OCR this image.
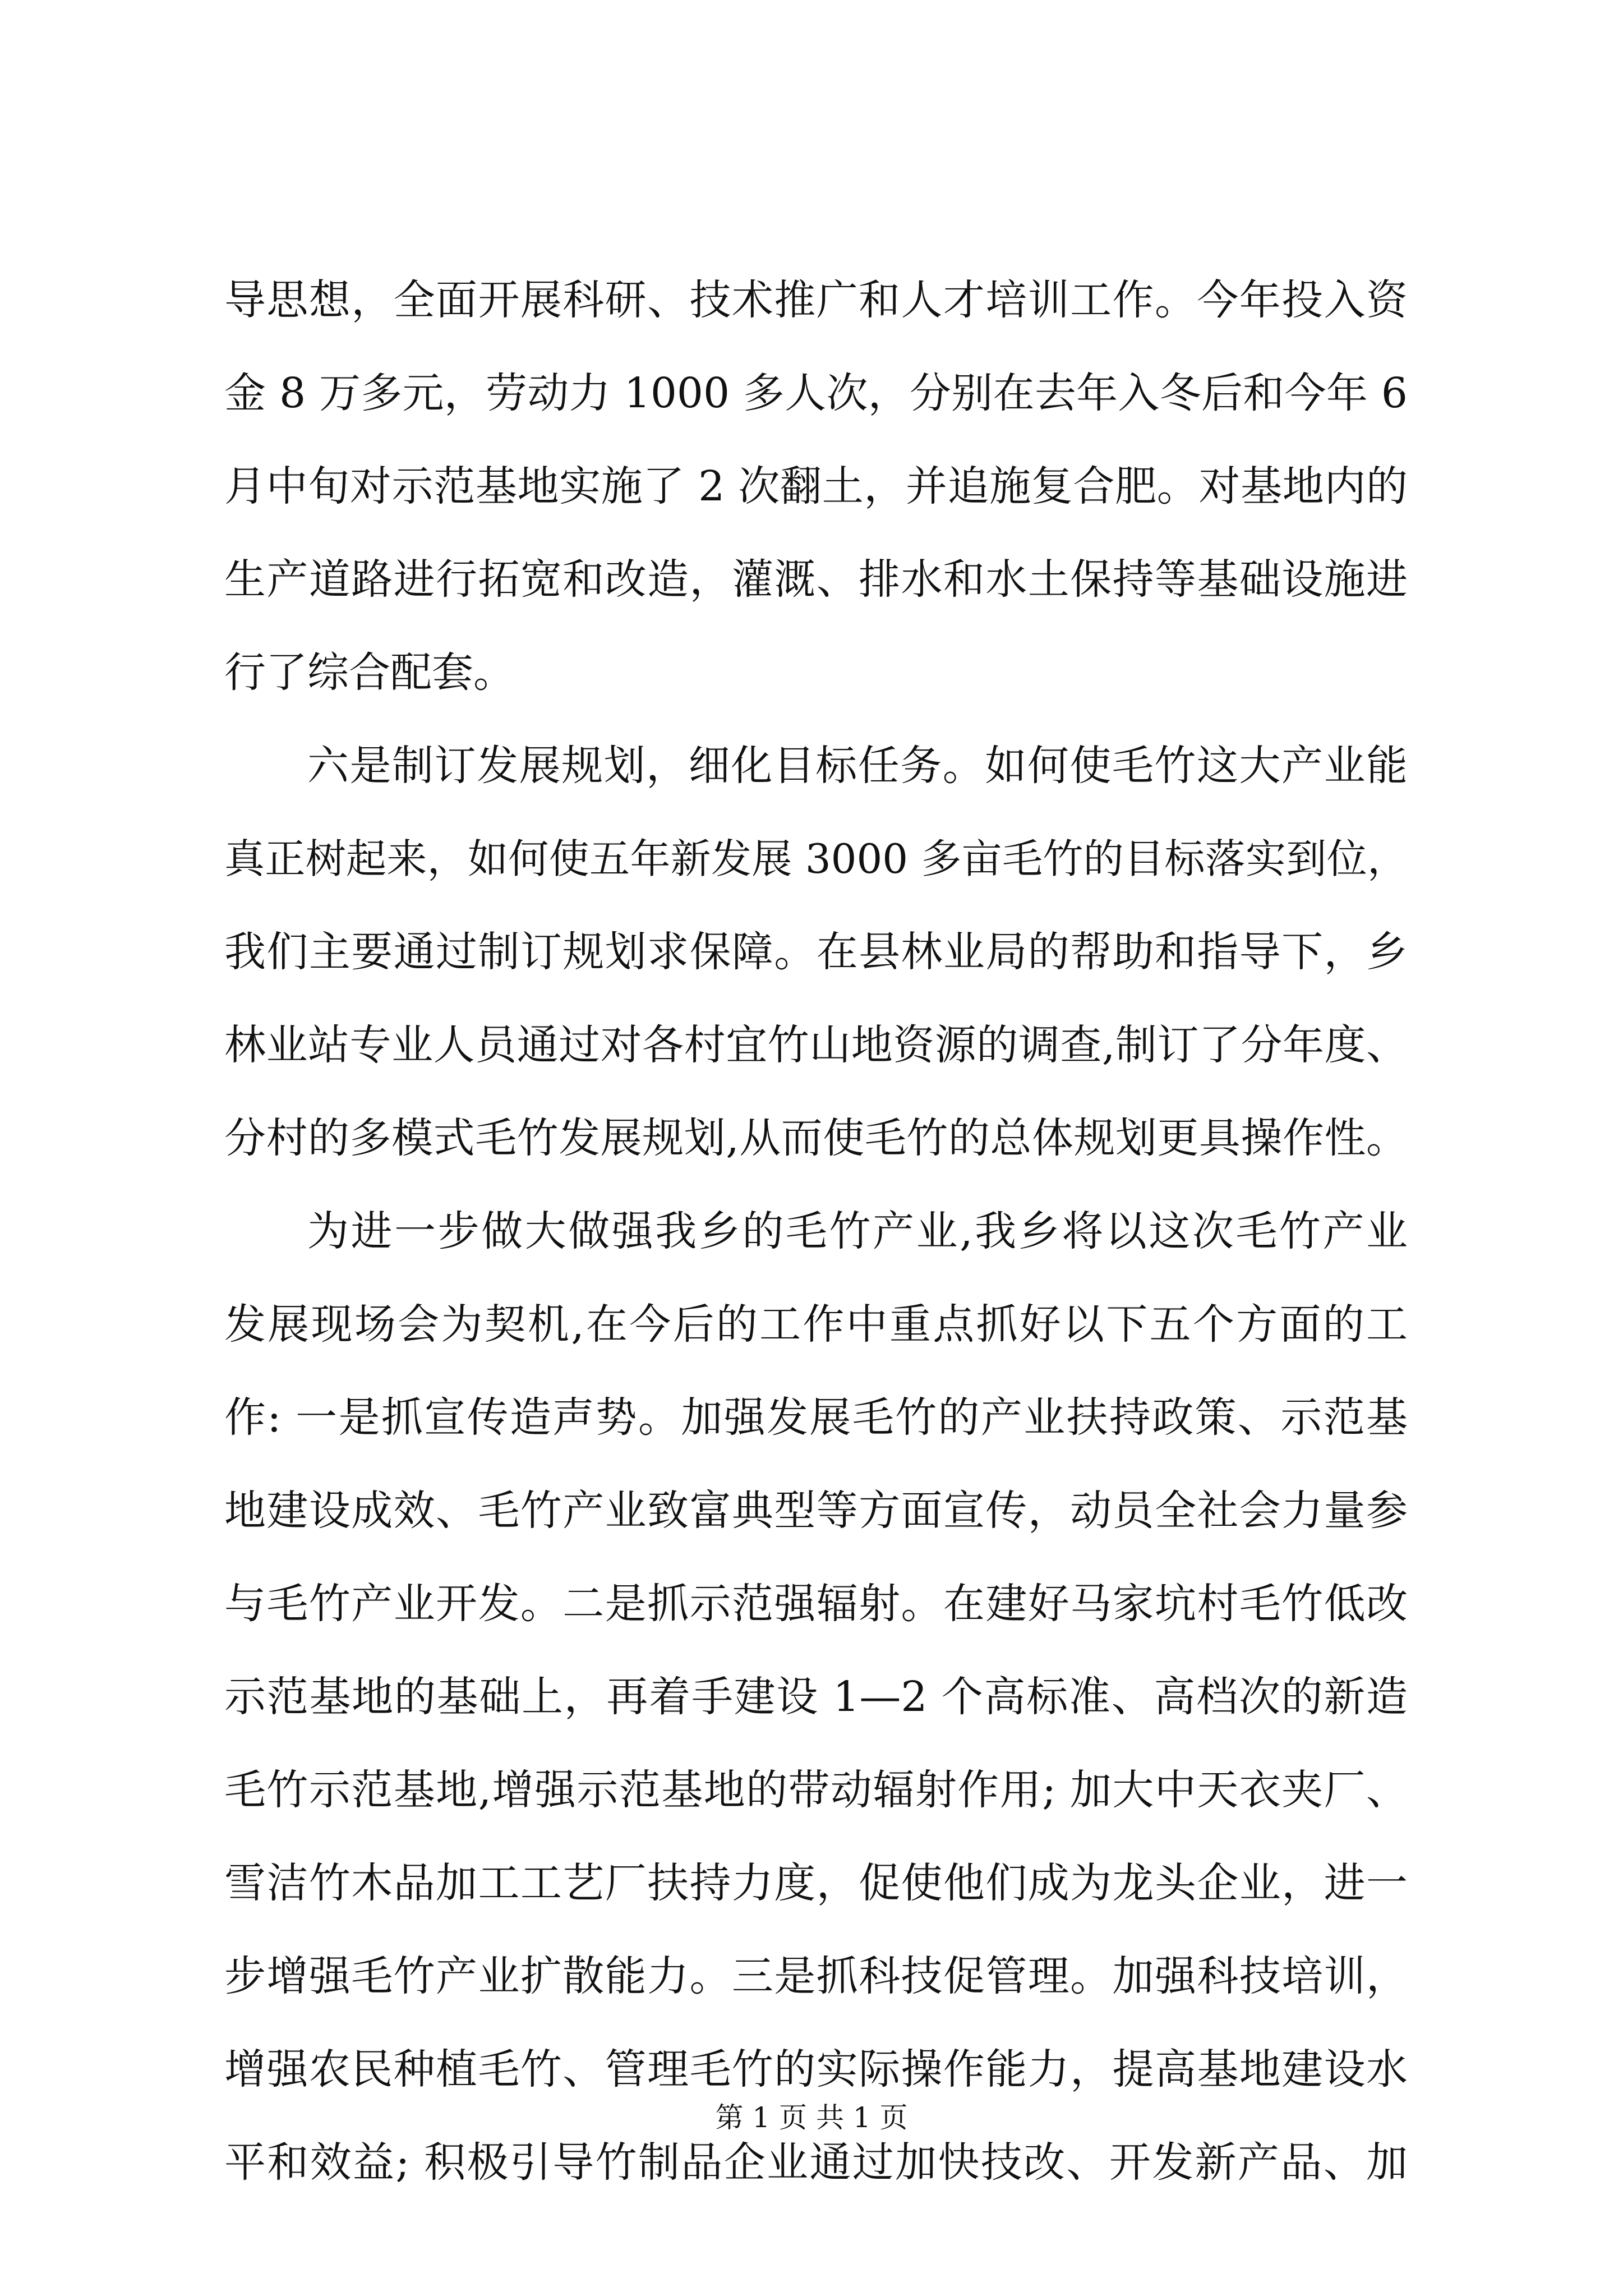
导思想，全面开展科研、技术推广和人才培训工作。今年投入资
金 8 万多元，劳动力 1000 多人次，分别在去年入冬后和今年 6
月中旬对示范基地实施了 2 次翻土，并追施复合肥。对基地内的
生产道路进行拓宽和改造，灌溉、排水和水土保持等基础设施进
行了综合配套。
六是制订发展规划，细化目标任务。如何使毛竹这大产业能
真正树起来，如何使五年新发展 3000 多亩毛竹的目标落实到位，
我们主要通过制订规划求保障。在县林业局的帮助和指导下，乡
林业站专业人员通过对各村宜竹山地资源的调查,制订了分年度、
分村的多模式毛竹发展规划,从而使毛竹的总体规划更具操作性。
为进一步做大做强我乡的毛竹产业,我乡将以这次毛竹产业
发展现场会为契机,在今后的工作中重点抓好以下五个方面的工
作: 一是抓宣传造声势。加强发展毛竹的产业扶持政策、示范基
地建设成效、毛竹产业致富典型等方面宣传，动员全社会力量参
与毛竹产业开发。二是抓示范强辐射。在建好马家坑村毛竹低改
示范基地的基础上，再着手建设 1—2 个高标准、高档次的新造
毛竹示范基地,增强示范基地的带动辐射作用; 加大中天衣夹厂、
雪洁竹木品加工工艺厂扶持力度，促使他们成为龙头企业，进一
步增强毛竹产业扩散能力。三是抓科技促管理。加强科技培训，
增强农民种植毛竹、管理毛竹的实际操作能力，提高基地建设水
平和效益; 积极引导竹制品企业通过加快技改、开发新产品、加
第 1 页 共 1 页
